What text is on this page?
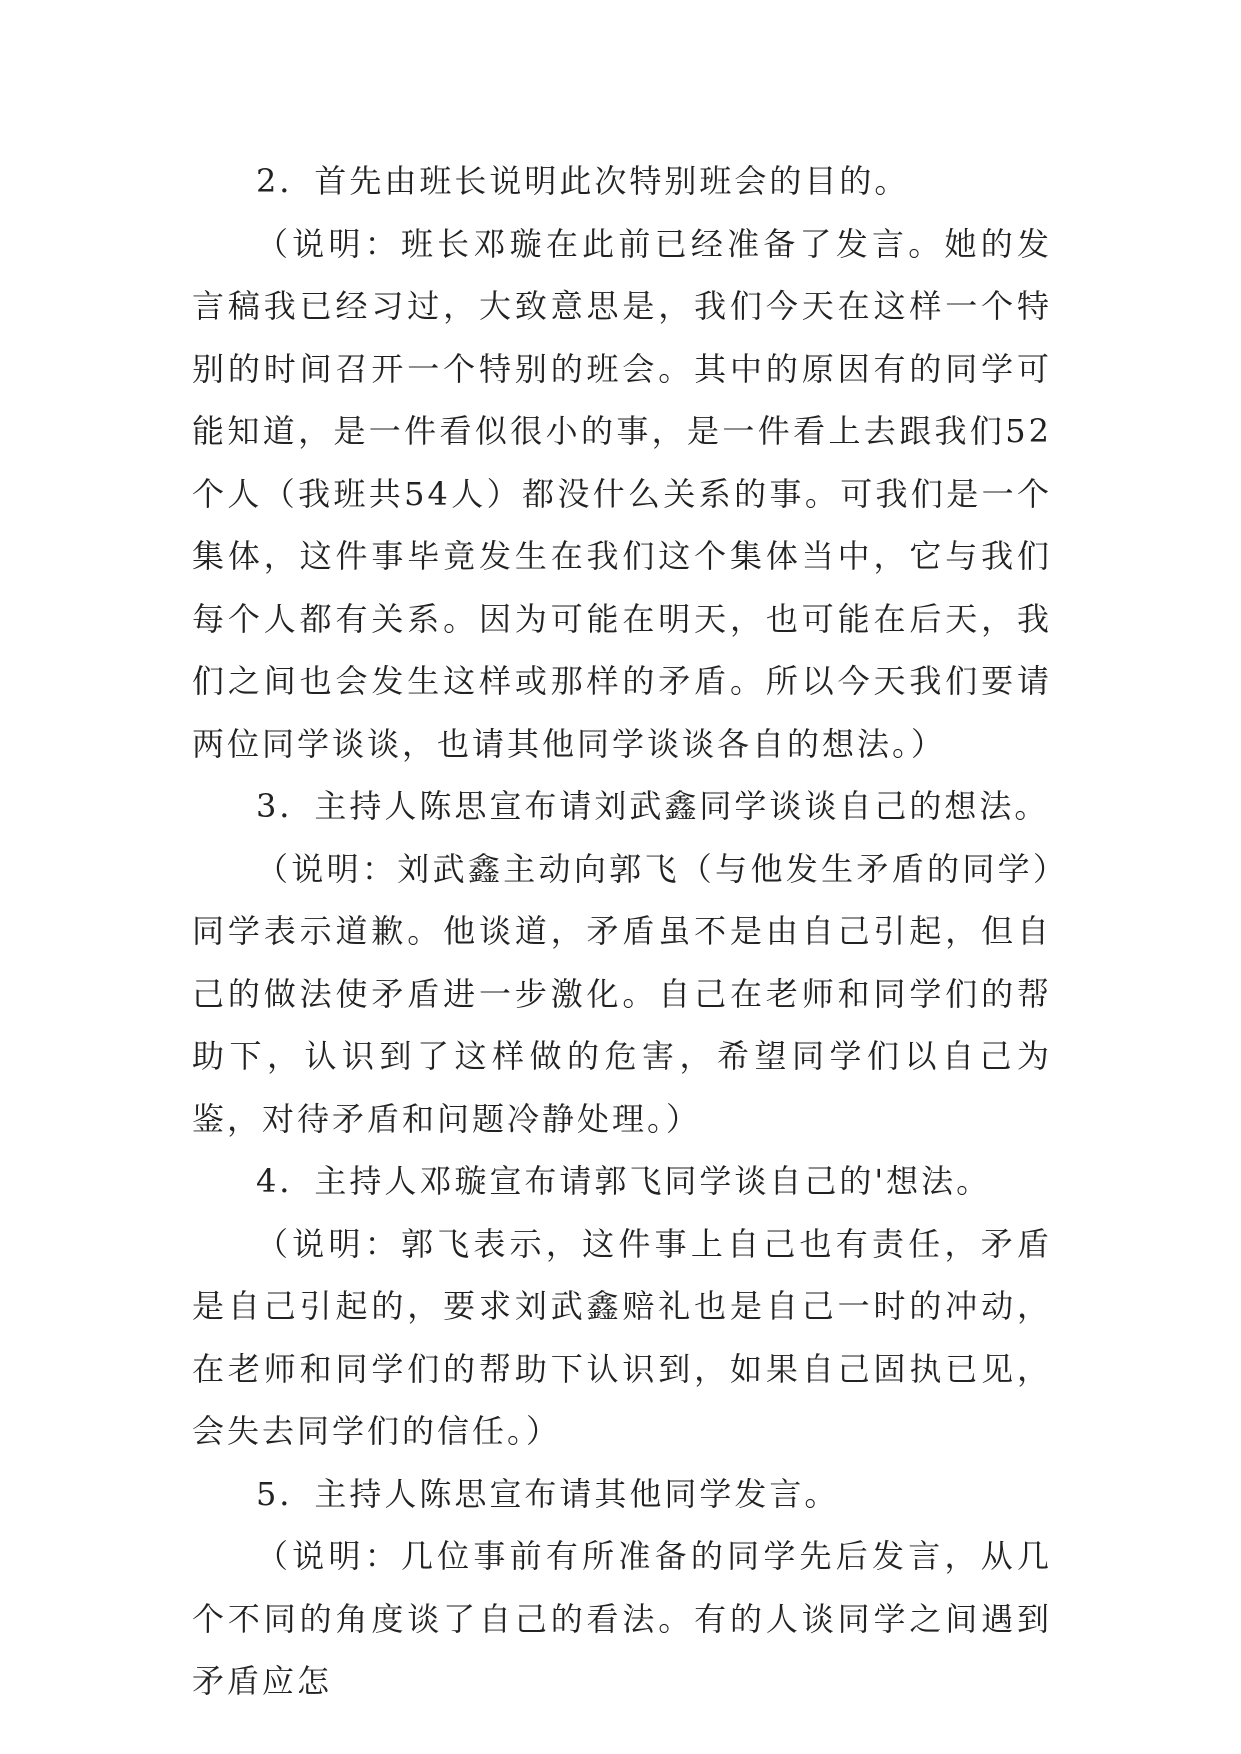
2．首先由班长说明此次特别班会的目的。

（说明：班长邓璇在此前已经准备了发言。她的发言稿我已经习过，大致意思是，我们今天在这样一个特别的时间召开一个特别的班会。其中的原因有的同学可能知道，是一件看似很小的事，是一件看上去跟我们52个人（我班共54人）都没什么关系的事。可我们是一个集体，这件事毕竟发生在我们这个集体当中，它与我们每个人都有关系。因为可能在明天，也可能在后天，我们之间也会发生这样或那样的矛盾。所以今天我们要请两位同学谈谈，也请其他同学谈谈各自的想法。）

3．主持人陈思宣布请刘武鑫同学谈谈自己的想法。

（说明：刘武鑫主动向郭飞（与他发生矛盾的同学）同学表示道歉。他谈道，矛盾虽不是由自己引起，但自己的做法使矛盾进一步激化。自己在老师和同学们的帮助下，认识到了这样做的危害，希望同学们以自己为鉴，对待矛盾和问题冷静处理。）

4．主持人邓璇宣布请郭飞同学谈自己的'想法。

（说明：郭飞表示，这件事上自己也有责任，矛盾是自己引起的，要求刘武鑫赔礼也是自己一时的冲动，在老师和同学们的帮助下认识到，如果自己固执已见，会失去同学们的信任。）

5．主持人陈思宣布请其他同学发言。

（说明：几位事前有所准备的同学先后发言，从几个不同的角度谈了自己的看法。有的人谈同学之间遇到矛盾应怎
